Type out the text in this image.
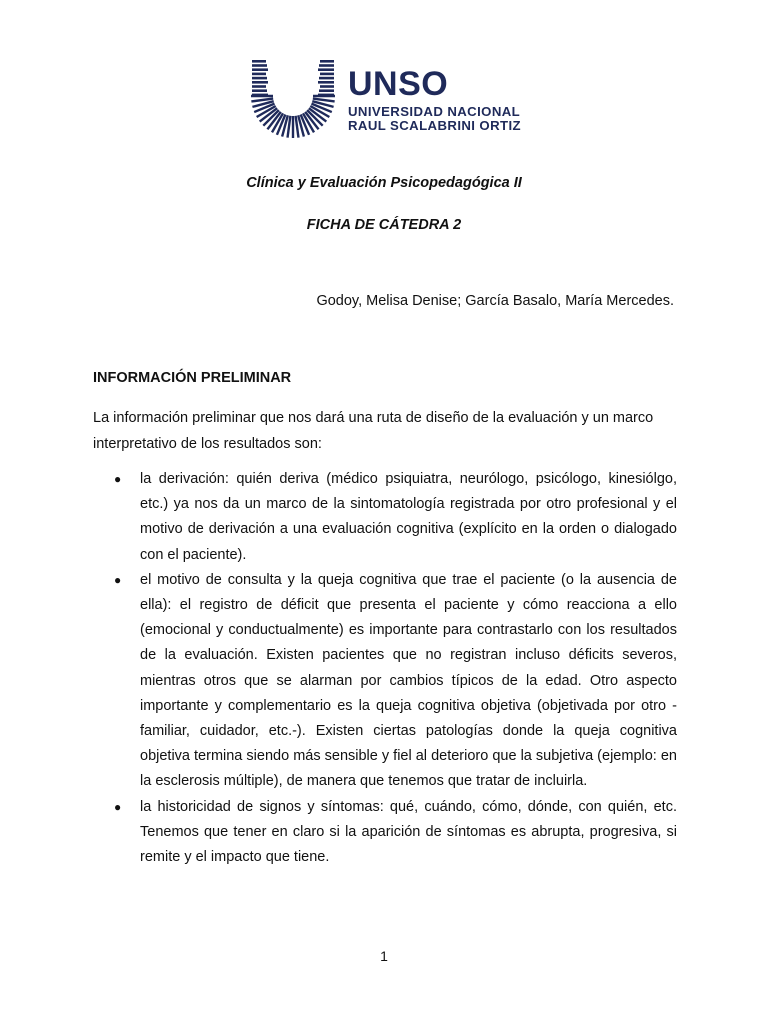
UNSO
UNIVERSIDAD NACIONAL
RAUL SCALABRINI ORTIZ
Clínica y Evaluación Psicopedagógica II
FICHA DE CÁTEDRA 2
Godoy, Melisa Denise; García Basalo, María Mercedes.
INFORMACIÓN PRELIMINAR
La información preliminar que nos dará una ruta de diseño de la evaluación y un marco interpretativo de los resultados son:
● la derivación: quién deriva (médico psiquiatra, neurólogo, psicólogo, kinesiólgo, etc.) ya nos da un marco de la sintomatología registrada por otro profesional y el motivo de derivación a una evaluación cognitiva (explícito en la orden o dialogado con el paciente).
● el motivo de consulta y la queja cognitiva que trae el paciente (o la ausencia de ella): el registro de déficit que presenta el paciente y cómo reacciona a ello (emocional y conductualmente) es importante para contrastarlo con los resultados de la evaluación. Existen pacientes que no registran incluso déficits severos, mientras otros que se alarman por cambios típicos de la edad. Otro aspecto importante y complementario es la queja cognitiva objetiva (objetivada por otro -familiar, cuidador, etc.-). Existen ciertas patologías donde la queja cognitiva objetiva termina siendo más sensible y fiel al deterioro que la subjetiva (ejemplo: en la esclerosis múltiple), de manera que tenemos que tratar de incluirla.
● la historicidad de signos y síntomas: qué, cuándo, cómo, dónde, con quién, etc. Tenemos que tener en claro si la aparición de síntomas es abrupta, progresiva, si remite y el impacto que tiene.
1
